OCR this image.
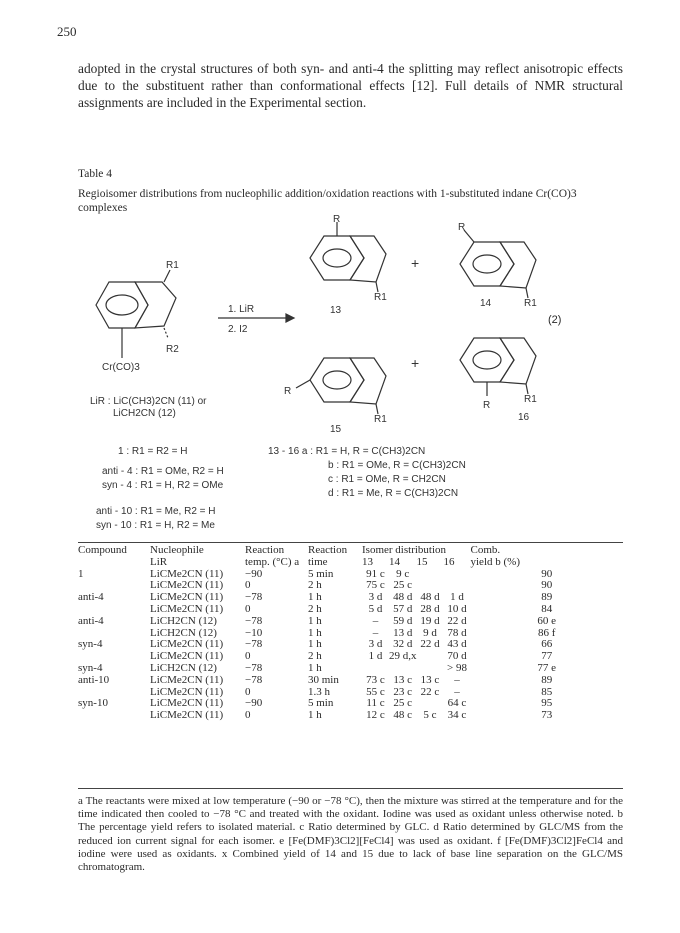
250
adopted in the crystal structures of both syn- and anti-4 the splitting may reflect anisotropic effects due to the substituent rather than conformational effects [12]. Full details of NMR structural assignments are included in the Experimental section.
Table 4
Regioisomer distributions from nucleophilic addition/oxidation reactions with 1-substituted indane Cr(CO)3 complexes
R1
R2
Cr(CO)3
1. LiR
2. I2
R
R1
13
+
R
R1
14
R
R1
15
+
R
R1
16
(2)
LiR : LiC(CH3)2CN (11) or
LiCH2CN (12)
1 : R1 = R2 = H
anti - 4 : R1 = OMe, R2 = H
syn - 4 : R1 = H, R2 = OMe
anti - 10 : R1 = Me, R2 = H
syn - 10 : R1 = H, R2 = Me
13 - 16 a : R1 = H, R = C(CH3)2CN
b : R1 = OMe, R = C(CH3)2CN
c : R1 = OMe, R = CH2CN
d : R1 = Me, R = C(CH3)2CN
Compound	Nucleophile	Reaction	Reaction	Isomer distribution				Comb.
	LiR	temp. (°C) a	time	13	14	15	16	yield b (%)
1	LiCMe2CN (11)	−90	5 min	91 c	9 c			90
	LiCMe2CN (11)	0	2 h	75 c	25 c			90
anti-4	LiCMe2CN (11)	−78	1 h	3 d	48 d	48 d	1 d	89
	LiCMe2CN (11)	0	2 h	5 d	57 d	28 d	10 d	84
anti-4	LiCH2CN (12)	−78	1 h	–	59 d	19 d	22 d	60 e
	LiCH2CN (12)	−10	1 h	–	13 d	9 d	78 d	86 f
syn-4	LiCMe2CN (11)	−78	1 h	3 d	32 d	22 d	43 d	66
	LiCMe2CN (11)	0	2 h	1 d	29 d,x		70 d	77
syn-4	LiCH2CN (12)	−78	1 h				> 98	77 e
anti-10	LiCMe2CN (11)	−78	30 min	73 c	13 c	13 c	–	89
	LiCMe2CN (11)	0	1.3 h	55 c	23 c	22 c	–	85
syn-10	LiCMe2CN (11)	−90	5 min	11 c	25 c		64 c	95
	LiCMe2CN (11)	0	1 h	12 c	48 c	5 c	34 c	73
a The reactants were mixed at low temperature (−90 or −78 °C), then the mixture was stirred at the temperature and for the time indicated then cooled to −78 °C and treated with the oxidant. Iodine was used as oxidant unless otherwise noted. b The percentage yield refers to isolated material. c Ratio determined by GLC. d Ratio determined by GLC/MS from the reduced ion current signal for each isomer. e [Fe(DMF)3Cl2][FeCl4] was used as oxidant. f [Fe(DMF)3Cl2]FeCl4 and iodine were used as oxidants. x Combined yield of 14 and 15 due to lack of base line separation on the GLC/MS chromatogram.
